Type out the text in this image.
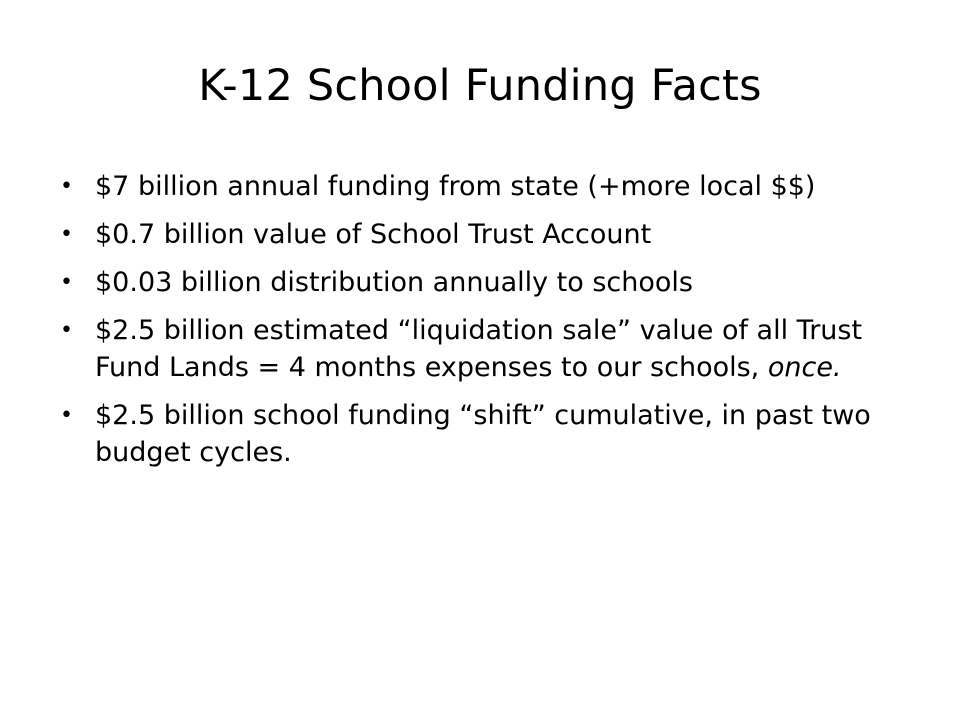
K-12 School Funding Facts
• $7 billion annual funding from state (+more local $$)
• $0.7 billion value of School Trust Account
• $0.03 billion distribution annually to schools
• $2.5 billion estimated “liquidation sale” value of all Trust Fund Lands = 4 months expenses to our schools, once.
• $2.5 billion school funding “shift” cumulative, in past two budget cycles.
